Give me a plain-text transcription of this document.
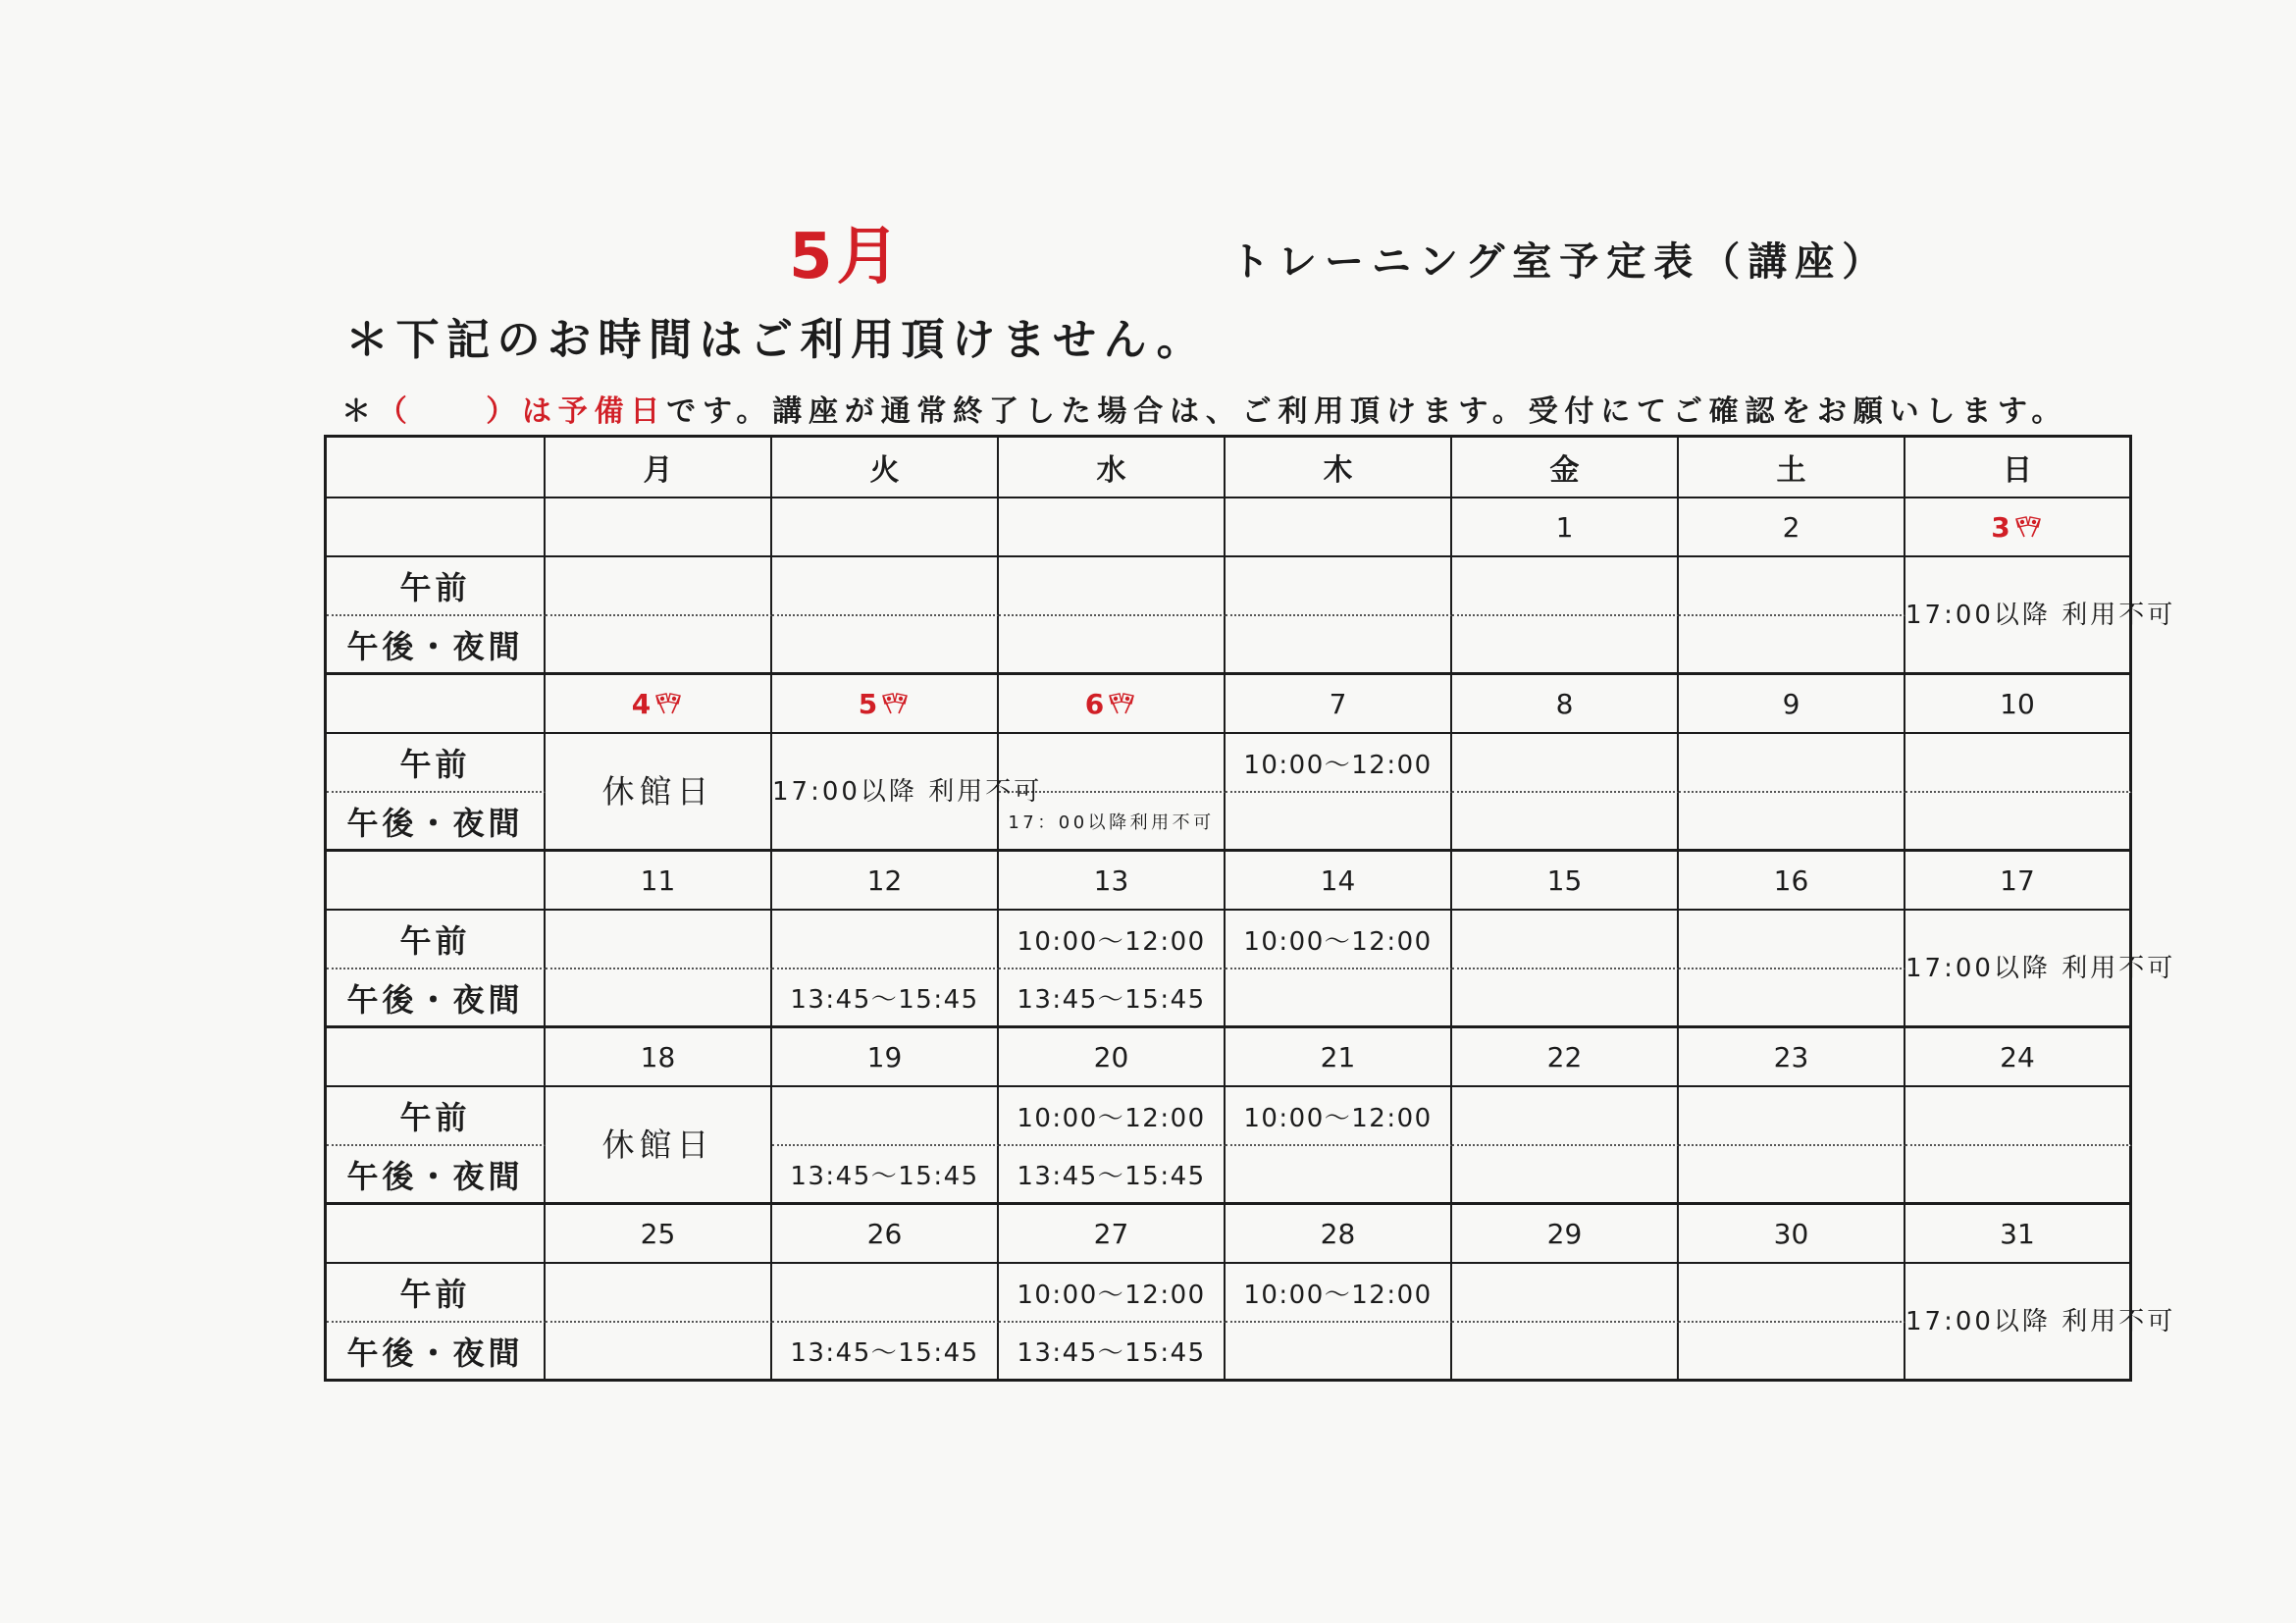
5月	トレーニング室予定表（講座）
＊下記のお時間はご利用頂けません。
＊（　　）は予備日です。講座が通常終了した場合は、ご利用頂けます。受付にてご確認をお願いします。
	月	火	水	木	金	土	日
					1	2	3
午前							17:00以降 利用不可
午後・夜間							
	4	5	6	7	8	9	10
午前	休館日	17:00以降 利用不可		10:00～12:00			
午後・夜間			17：00以降利用不可				
	11	12	13	14	15	16	17
午前			10:00～12:00	10:00～12:00			17:00以降 利用不可
午後・夜間		13:45～15:45	13:45～15:45				
	18	19	20	21	22	23	24
午前	休館日		10:00～12:00	10:00～12:00			
午後・夜間		13:45～15:45	13:45～15:45				
	25	26	27	28	29	30	31
午前			10:00～12:00	10:00～12:00			17:00以降 利用不可
午後・夜間		13:45～15:45	13:45～15:45				
